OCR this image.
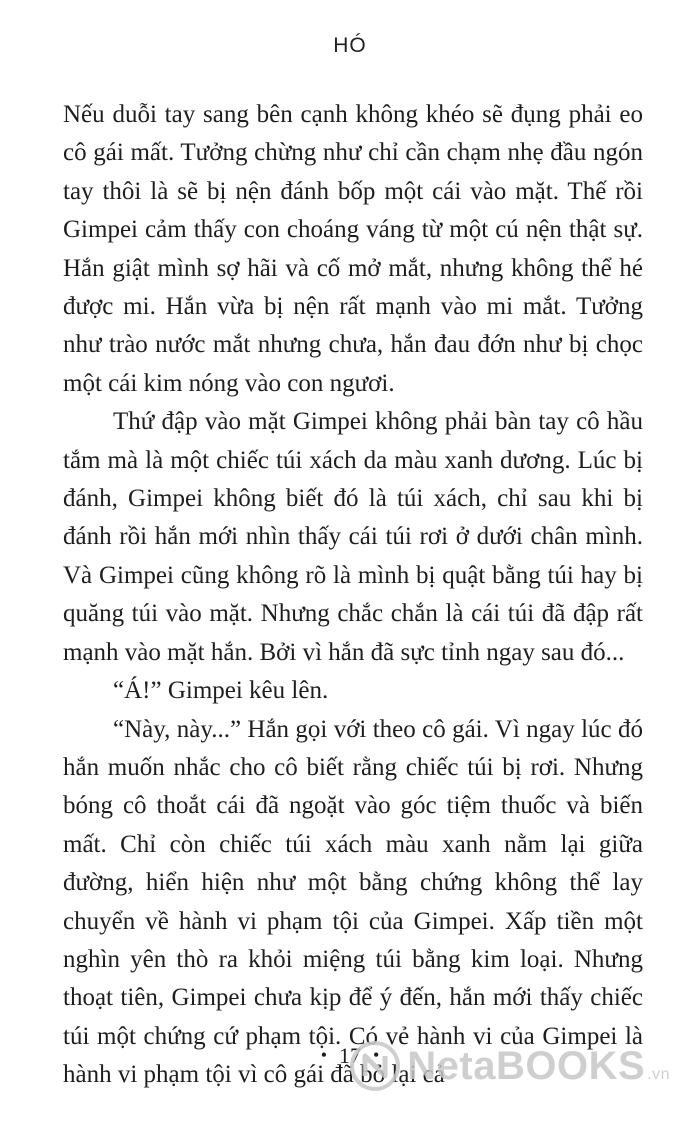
HÓ

Nếu duỗi tay sang bên cạnh không khéo sẽ đụng phải eo cô gái mất. Tưởng chừng như chỉ cần chạm nhẹ đầu ngón tay thôi là sẽ bị nện đánh bốp một cái vào mặt. Thế rồi Gimpei cảm thấy con choáng váng từ một cú nện thật sự. Hắn giật mình sợ hãi và cố mở mắt, nhưng không thể hé được mi. Hắn vừa bị nện rất mạnh vào mi mắt. Tưởng như trào nước mắt nhưng chưa, hắn đau đớn như bị chọc một cái kim nóng vào con ngươi.

Thứ đập vào mặt Gimpei không phải bàn tay cô hầu tắm mà là một chiếc túi xách da màu xanh dương. Lúc bị đánh, Gimpei không biết đó là túi xách, chỉ sau khi bị đánh rồi hắn mới nhìn thấy cái túi rơi ở dưới chân mình. Và Gimpei cũng không rõ là mình bị quật bằng túi hay bị quăng túi vào mặt. Nhưng chắc chắn là cái túi đã đập rất mạnh vào mặt hắn. Bởi vì hắn đã sực tỉnh ngay sau đó...

“Á!” Gimpei kêu lên.

“Này, này...” Hắn gọi với theo cô gái. Vì ngay lúc đó hắn muốn nhắc cho cô biết rằng chiếc túi bị rơi. Nhưng bóng cô thoắt cái đã ngoặt vào góc tiệm thuốc và biến mất. Chỉ còn chiếc túi xách màu xanh nằm lại giữa đường, hiển hiện như một bằng chứng không thể lay chuyển về hành vi phạm tội của Gimpei. Xấp tiền một nghìn yên thò ra khỏi miệng túi bằng kim loại. Nhưng thoạt tiên, Gimpei chưa kịp để ý đến, hắn mới thấy chiếc túi một chứng cứ phạm tội. Có vẻ hành vi của Gimpei là hành vi phạm tội vì cô gái đã bỏ lại cả

• 17 • NetaBOOKS .vn
